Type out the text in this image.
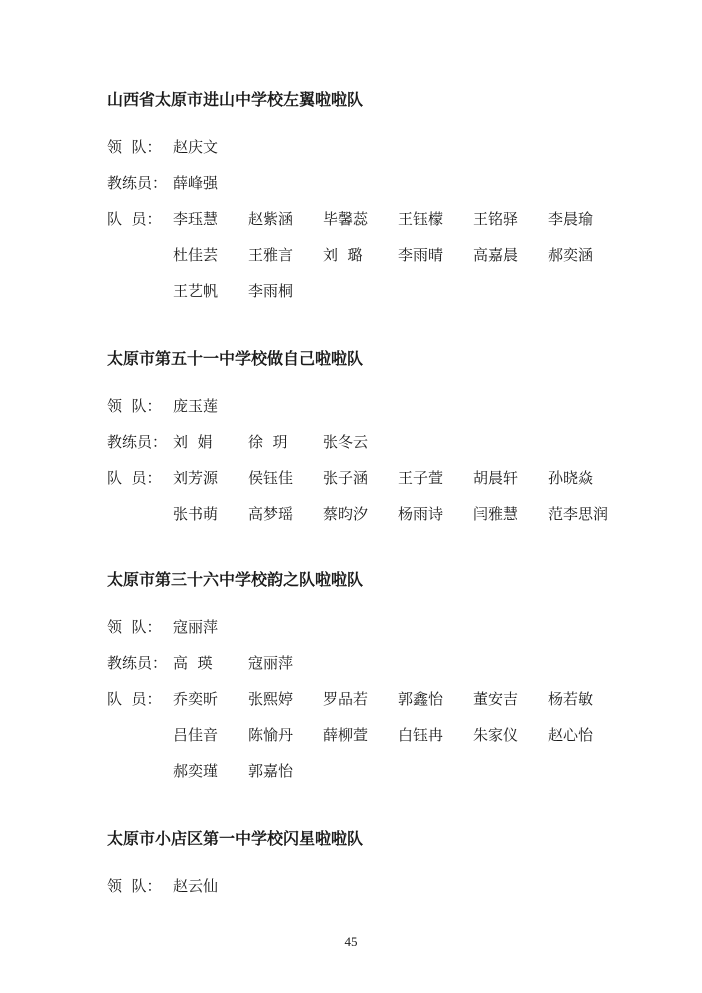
山西省太原市进山中学校左翼啦啦队
领  队： 赵庆文
教练员： 薛峰强
队  员： 李珏慧 赵紫涵 毕馨蕊 王钰檬 王铭驿 李晨瑜
杜佳芸 王雅言 刘  璐 李雨晴 高嘉晨 郝奕涵
王艺帆 李雨桐
太原市第五十一中学校做自己啦啦队
领  队： 庞玉莲
教练员： 刘  娟 徐  玥 张冬云
队  员： 刘芳源 侯钰佳 张子涵 王子萱 胡晨轩 孙晓焱
张书萌 高梦瑶 蔡昀汐 杨雨诗 闫雅慧 范李思润
太原市第三十六中学校韵之队啦啦队
领  队： 寇丽萍
教练员： 高  瑛 寇丽萍
队  员： 乔奕昕 张熙婷 罗品若 郭鑫怡 董安吉 杨若敏
吕佳音 陈愉丹 薛柳萱 白钰冉 朱家仪 赵心怡
郝奕瑾 郭嘉怡
太原市小店区第一中学校闪星啦啦队
领  队： 赵云仙
45
